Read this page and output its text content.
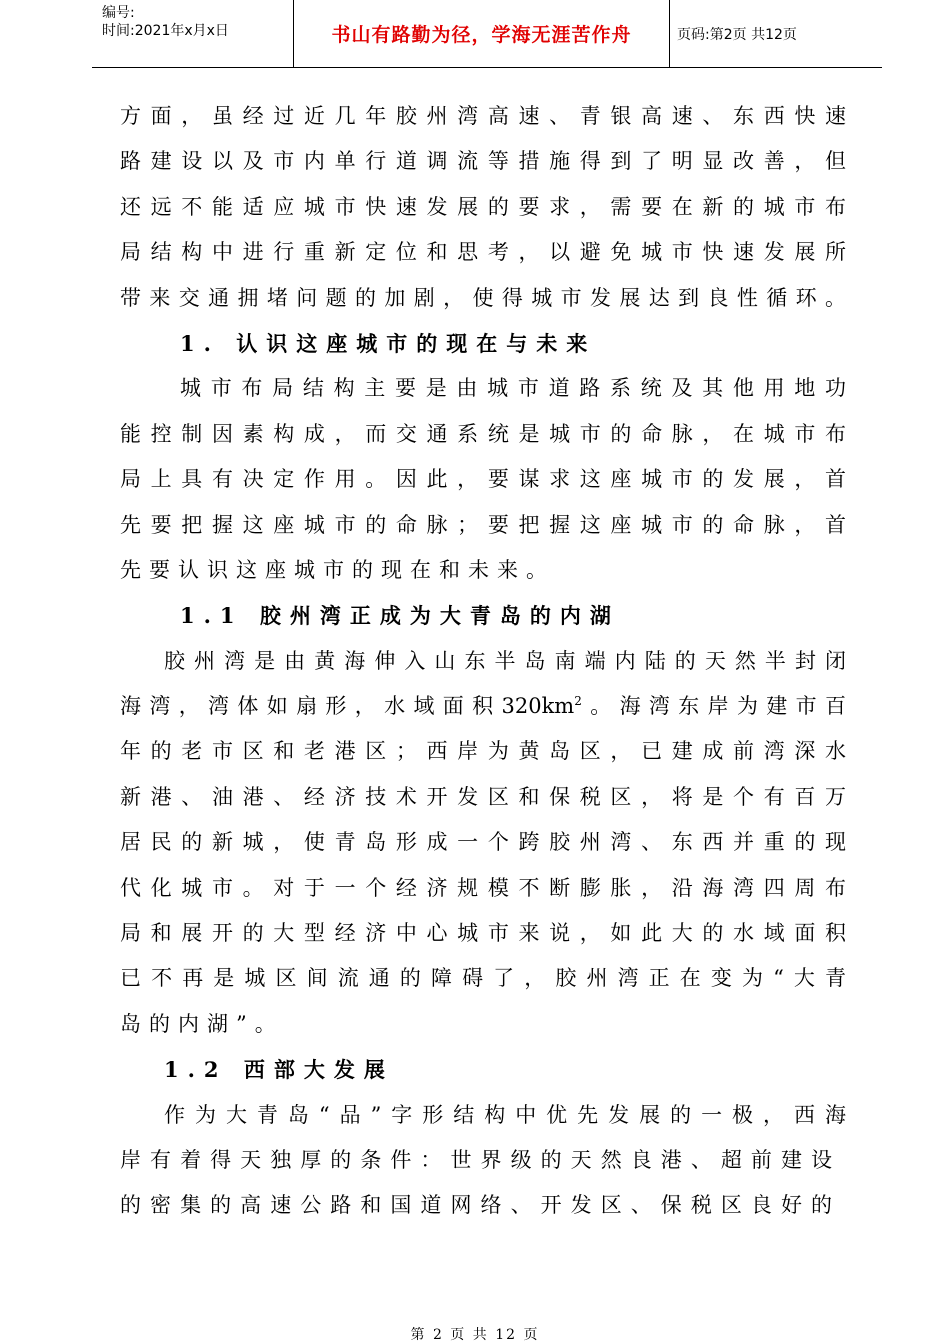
编号:
时间:2021年x月x日	书山有路勤为径，学海无涯苦作舟	页码:第2页 共12页
方面，虽经过近几年胶州湾高速、青银高速、东西快速
路建设以及市内单行道调流等措施得到了明显改善，但
还远不能适应城市快速发展的要求，需要在新的城市布
局结构中进行重新定位和思考，以避免城市快速发展所
带来交通拥堵问题的加剧，使得城市发展达到良性循环。
1. 认识这座城市的现在与未来
城市布局结构主要是由城市道路系统及其他用地功
能控制因素构成，而交通系统是城市的命脉，在城市布
局上具有决定作用。因此，要谋求这座城市的发展，首
先要把握这座城市的命脉；要把握这座城市的命脉，首
先要认识这座城市的现在和未来。
1.1 胶州湾正成为大青岛的内湖
胶州湾是由黄海伸入山东半岛南端内陆的天然半封闭
海湾，湾体如扇形，水域面积$320km^2$。海湾东岸为建市百
年的老市区和老港区；西岸为黄岛区，已建成前湾深水
新港、油港、经济技术开发区和保税区，将是个有百万
居民的新城，使青岛形成一个跨胶州湾、东西并重的现
代化城市。对于一个经济规模不断膨胀，沿海湾四周布
局和展开的大型经济中心城市来说，如此大的水域面积
已不再是城区间流通的障碍了，胶州湾正在变为“大青
岛的内湖”。
1.2 西部大发展
作为大青岛“品”字形结构中优先发展的一极，西海
岸有着得天独厚的条件：世界级的天然良港、超前建设
的密集的高速公路和国道网络、开发区、保税区良好的
第 2 页 共 12 页
